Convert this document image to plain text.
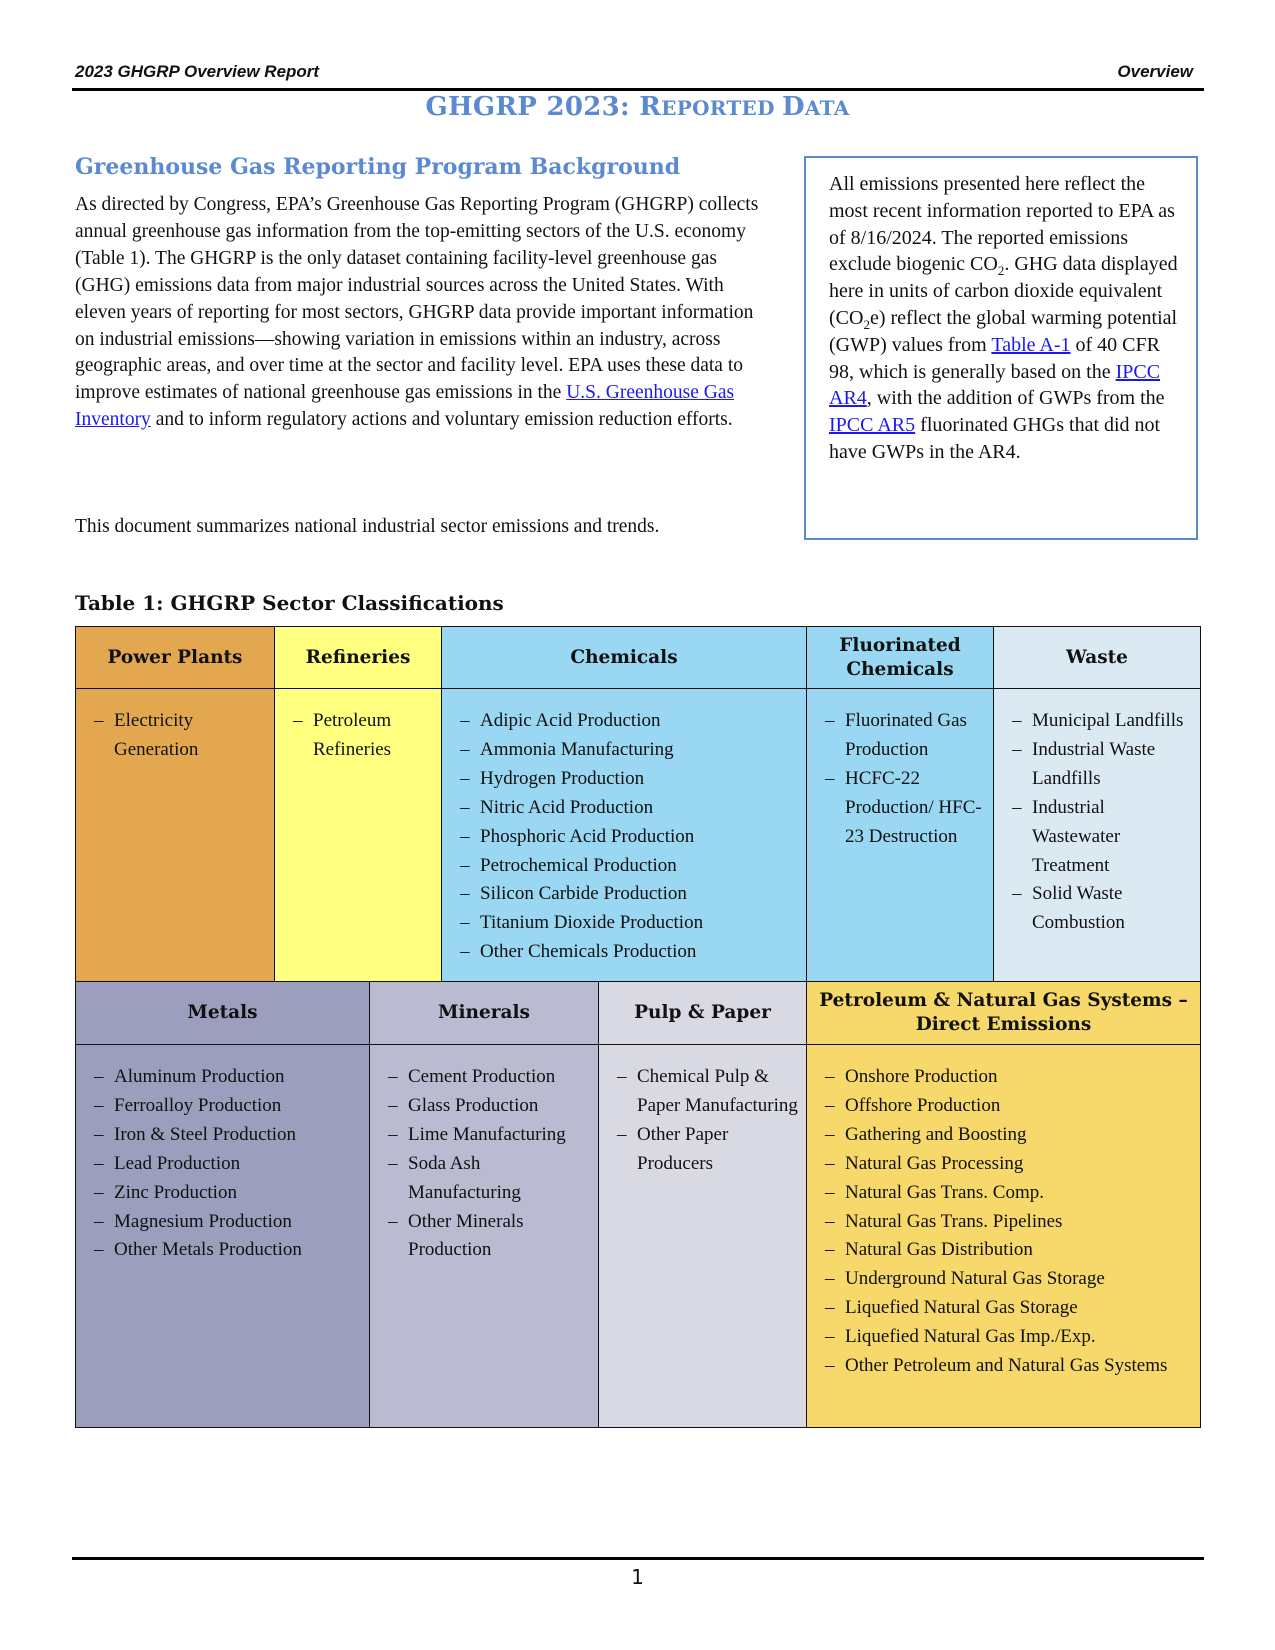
2023 GHGRP Overview Report	Overview
GHGRP 2023: REPORTED DATA
Greenhouse Gas Reporting Program Background

As directed by Congress, EPA’s Greenhouse Gas Reporting Program (GHGRP) collects annual greenhouse gas information from the top-emitting sectors of the U.S. economy (Table 1). The GHGRP is the only dataset containing facility-level greenhouse gas (GHG) emissions data from major industrial sources across the United States. With eleven years of reporting for most sectors, GHGRP data provide important information on industrial emissions—showing variation in emissions within an industry, across geographic areas, and over time at the sector and facility level. EPA uses these data to improve estimates of national greenhouse gas emissions in the U.S. Greenhouse Gas Inventory and to inform regulatory actions and voluntary emission reduction efforts.

This document summarizes national industrial sector emissions and trends.

All emissions presented here reflect the most recent information reported to EPA as of 8/16/2024. The reported emissions exclude biogenic $CO_2$. GHG data displayed here in units of carbon dioxide equivalent $(CO_2e)$ reflect the global warming potential (GWP) values from Table A-1 of 40 CFR 98, which is generally based on the IPCC AR4, with the addition of GWPs from the IPCC AR5 fluorinated GHGs that did not have GWPs in the AR4.
Table 1: GHGRP Sector Classifications
Power Plants
– Electricity Generation
Refineries
– Petroleum Refineries
Chemicals
– Adipic Acid Production
– Ammonia Manufacturing
– Hydrogen Production
– Nitric Acid Production
– Phosphoric Acid Production
– Petrochemical Production
– Silicon Carbide Production
– Titanium Dioxide Production
– Other Chemicals Production
Fluorinated Chemicals
– Fluorinated Gas Production
– HCFC-22 Production/ HFC-23 Destruction
Waste
– Municipal Landfills
– Industrial Waste Landfills
– Industrial Wastewater Treatment
– Solid Waste Combustion
Metals
– Aluminum Production
– Ferroalloy Production
– Iron & Steel Production
– Lead Production
– Zinc Production
– Magnesium Production
– Other Metals Production
Minerals
– Cement Production
– Glass Production
– Lime Manufacturing
– Soda Ash Manufacturing
– Other Minerals Production
Pulp & Paper
– Chemical Pulp & Paper Manufacturing
– Other Paper Producers
Petroleum & Natural Gas Systems – Direct Emissions
– Onshore Production
– Offshore Production
– Gathering and Boosting
– Natural Gas Processing
– Natural Gas Trans. Comp.
– Natural Gas Trans. Pipelines
– Natural Gas Distribution
– Underground Natural Gas Storage
– Liquefied Natural Gas Storage
– Liquefied Natural Gas Imp./Exp.
– Other Petroleum and Natural Gas Systems
1
